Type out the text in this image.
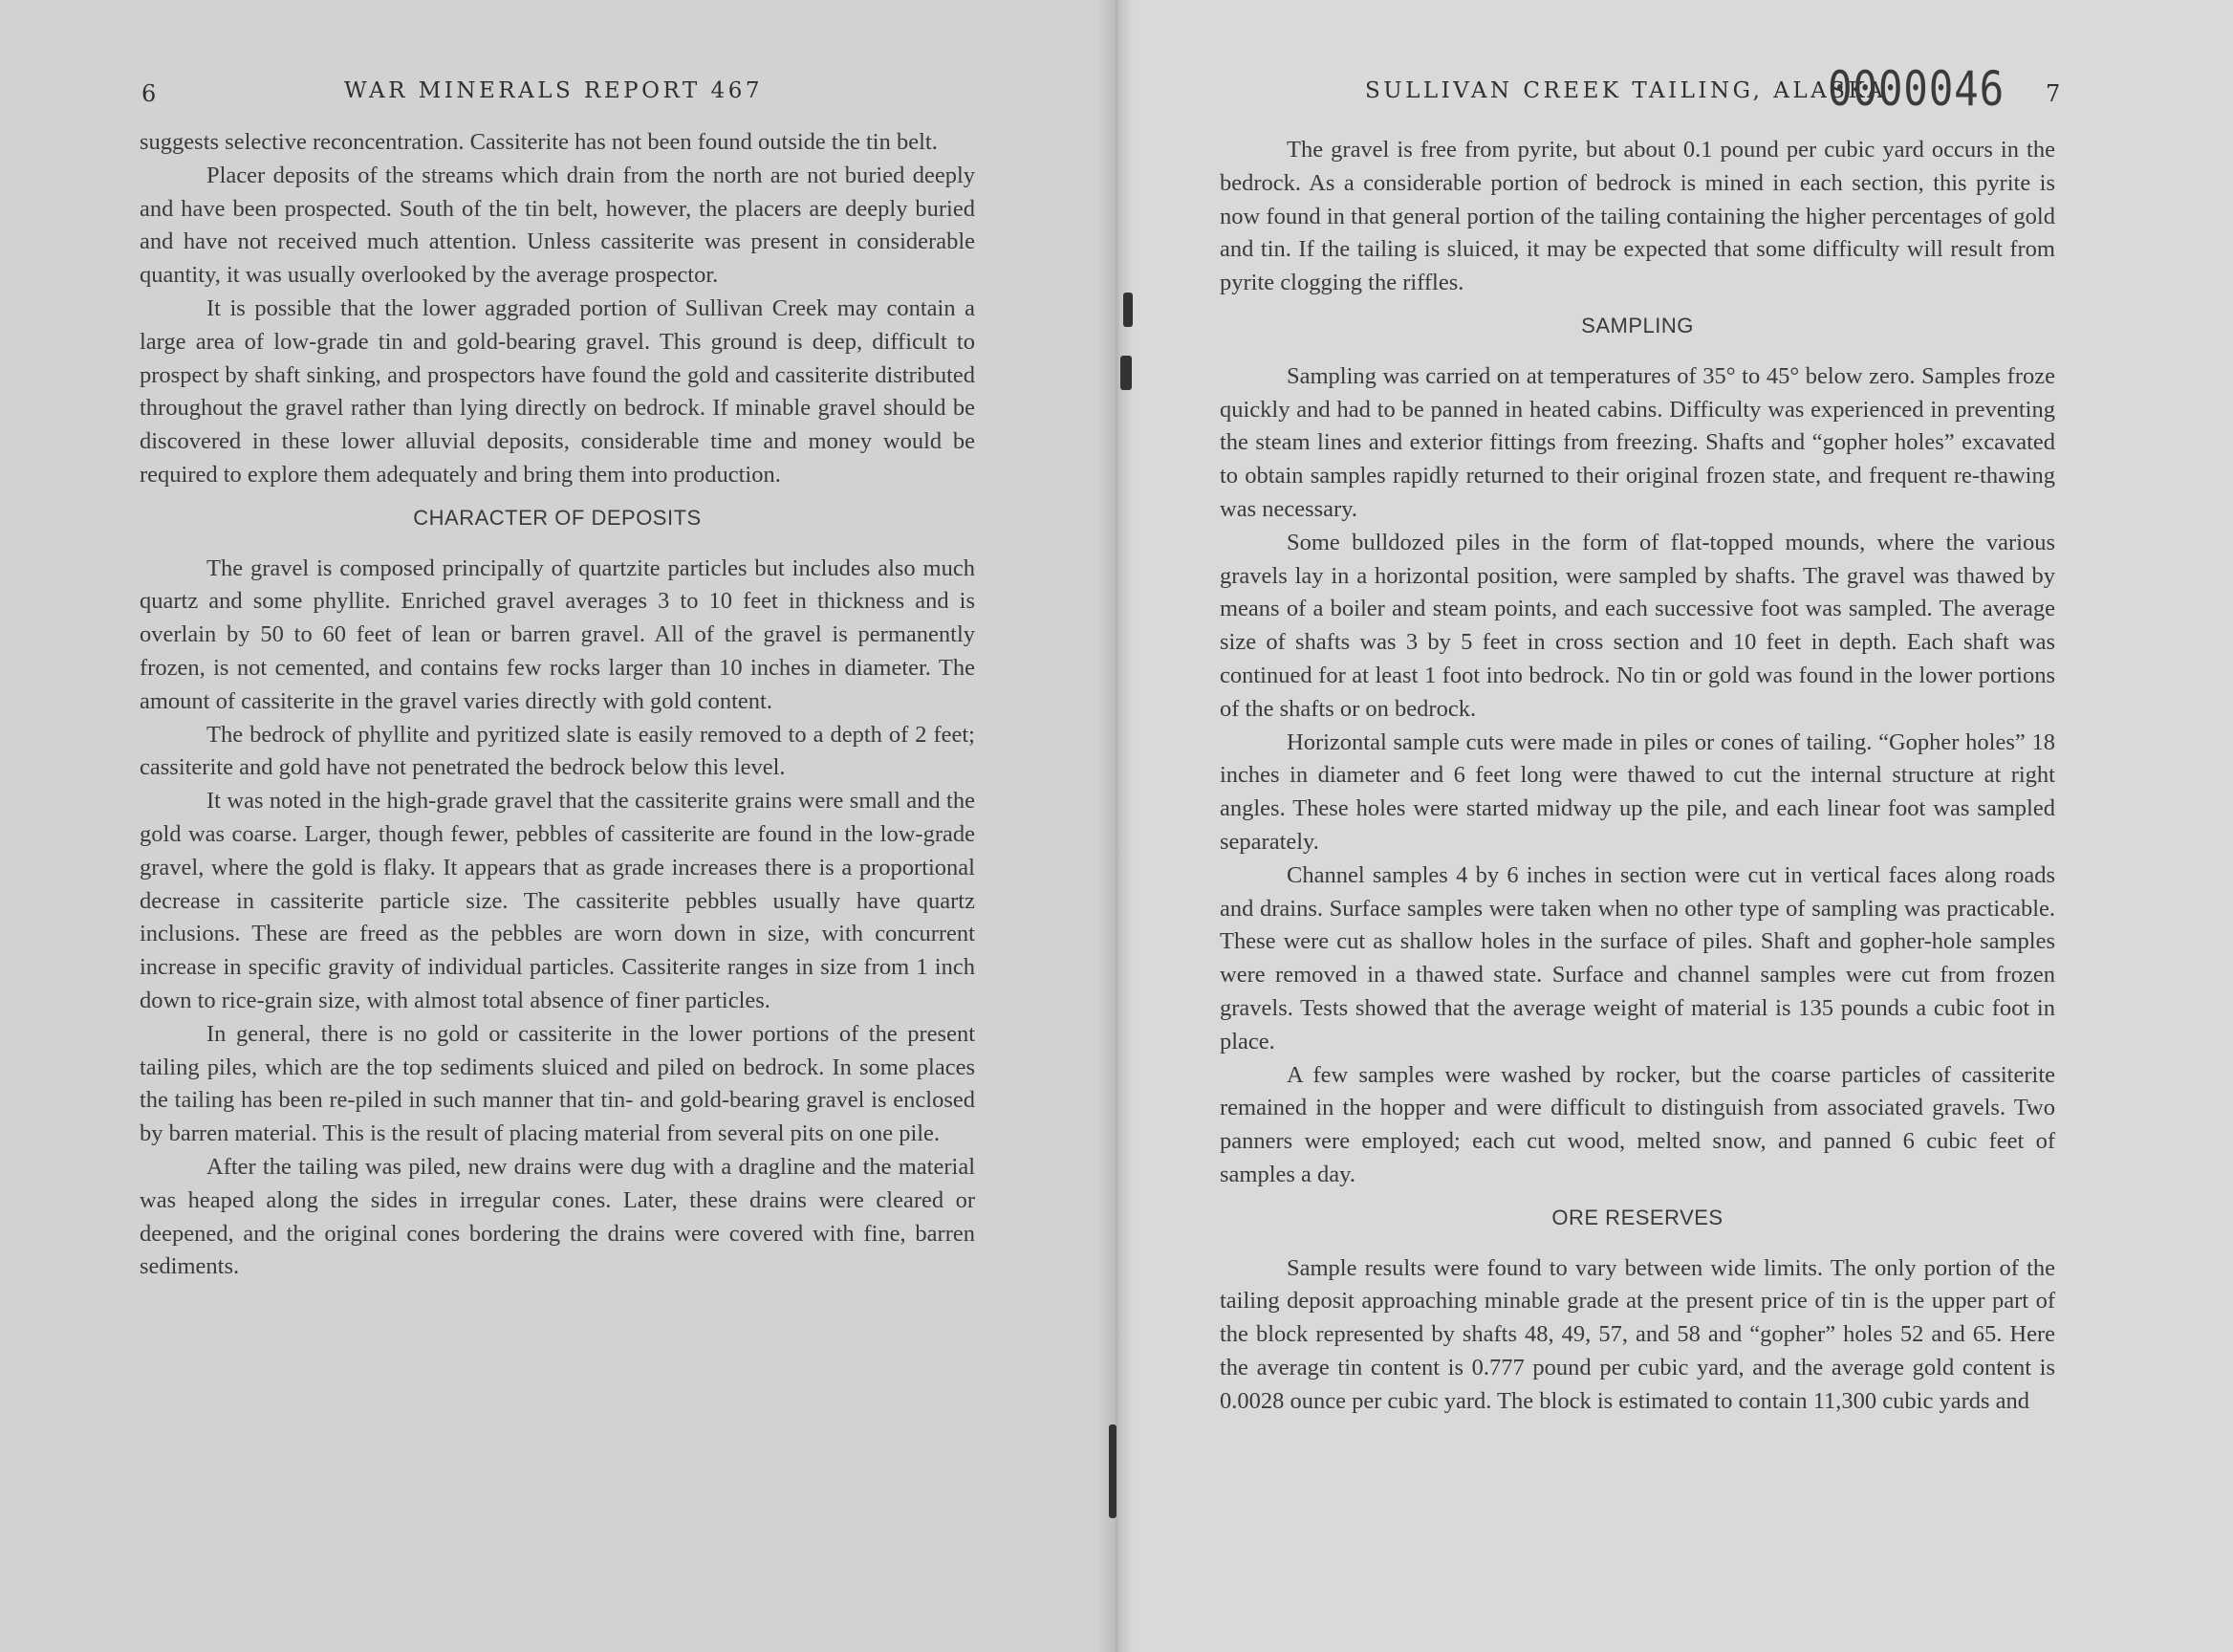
6	WAR MINERALS REPORT 467	SULLIVAN CREEK TAILING, ALASKA	7
0000046

suggests selective reconcentration. Cassiterite has not been found outside the tin belt.

Placer deposits of the streams which drain from the north are not buried deeply and have been prospected. South of the tin belt, however, the placers are deeply buried and have not received much attention. Unless cassiterite was present in considerable quantity, it was usually overlooked by the average prospector.

It is possible that the lower aggraded portion of Sullivan Creek may contain a large area of low-grade tin and gold-bearing gravel. This ground is deep, difficult to prospect by shaft sinking, and prospectors have found the gold and cassiterite distributed throughout the gravel rather than lying directly on bedrock. If minable gravel should be discovered in these lower alluvial deposits, considerable time and money would be required to explore them adequately and bring them into production.

CHARACTER OF DEPOSITS

The gravel is composed principally of quartzite particles but includes also much quartz and some phyllite. Enriched gravel averages 3 to 10 feet in thickness and is overlain by 50 to 60 feet of lean or barren gravel. All of the gravel is permanently frozen, is not cemented, and contains few rocks larger than 10 inches in diameter. The amount of cassiterite in the gravel varies directly with gold content.

The bedrock of phyllite and pyritized slate is easily removed to a depth of 2 feet; cassiterite and gold have not penetrated the bedrock below this level.

It was noted in the high-grade gravel that the cassiterite grains were small and the gold was coarse. Larger, though fewer, pebbles of cassiterite are found in the low-grade gravel, where the gold is flaky. It appears that as grade increases there is a proportional decrease in cassiterite particle size. The cassiterite pebbles usually have quartz inclusions. These are freed as the pebbles are worn down in size, with concurrent increase in specific gravity of individual particles. Cassiterite ranges in size from 1 inch down to rice-grain size, with almost total absence of finer particles.

In general, there is no gold or cassiterite in the lower portions of the present tailing piles, which are the top sediments sluiced and piled on bedrock. In some places the tailing has been re-piled in such manner that tin- and gold-bearing gravel is enclosed by barren material. This is the result of placing material from several pits on one pile.

After the tailing was piled, new drains were dug with a dragline and the material was heaped along the sides in irregular cones. Later, these drains were cleared or deepened, and the original cones bordering the drains were covered with fine, barren sediments.

The gravel is free from pyrite, but about 0.1 pound per cubic yard occurs in the bedrock. As a considerable portion of bedrock is mined in each section, this pyrite is now found in that general portion of the tailing containing the higher percentages of gold and tin. If the tailing is sluiced, it may be expected that some difficulty will result from pyrite clogging the riffles.

SAMPLING

Sampling was carried on at temperatures of 35° to 45° below zero. Samples froze quickly and had to be panned in heated cabins. Difficulty was experienced in preventing the steam lines and exterior fittings from freezing. Shafts and “gopher holes” excavated to obtain samples rapidly returned to their original frozen state, and frequent re-thawing was necessary.

Some bulldozed piles in the form of flat-topped mounds, where the various gravels lay in a horizontal position, were sampled by shafts. The gravel was thawed by means of a boiler and steam points, and each successive foot was sampled. The average size of shafts was 3 by 5 feet in cross section and 10 feet in depth. Each shaft was continued for at least 1 foot into bedrock. No tin or gold was found in the lower portions of the shafts or on bedrock.

Horizontal sample cuts were made in piles or cones of tailing. “Gopher holes” 18 inches in diameter and 6 feet long were thawed to cut the internal structure at right angles. These holes were started midway up the pile, and each linear foot was sampled separately.

Channel samples 4 by 6 inches in section were cut in vertical faces along roads and drains. Surface samples were taken when no other type of sampling was practicable. These were cut as shallow holes in the surface of piles. Shaft and gopher-hole samples were removed in a thawed state. Surface and channel samples were cut from frozen gravels. Tests showed that the average weight of material is 135 pounds a cubic foot in place.

A few samples were washed by rocker, but the coarse particles of cassiterite remained in the hopper and were difficult to distinguish from associated gravels. Two panners were employed; each cut wood, melted snow, and panned 6 cubic feet of samples a day.

ORE RESERVES

Sample results were found to vary between wide limits. The only portion of the tailing deposit approaching minable grade at the present price of tin is the upper part of the block represented by shafts 48, 49, 57, and 58 and “gopher” holes 52 and 65. Here the average tin content is 0.777 pound per cubic yard, and the average gold content is 0.0028 ounce per cubic yard. The block is estimated to contain 11,300 cubic yards and
